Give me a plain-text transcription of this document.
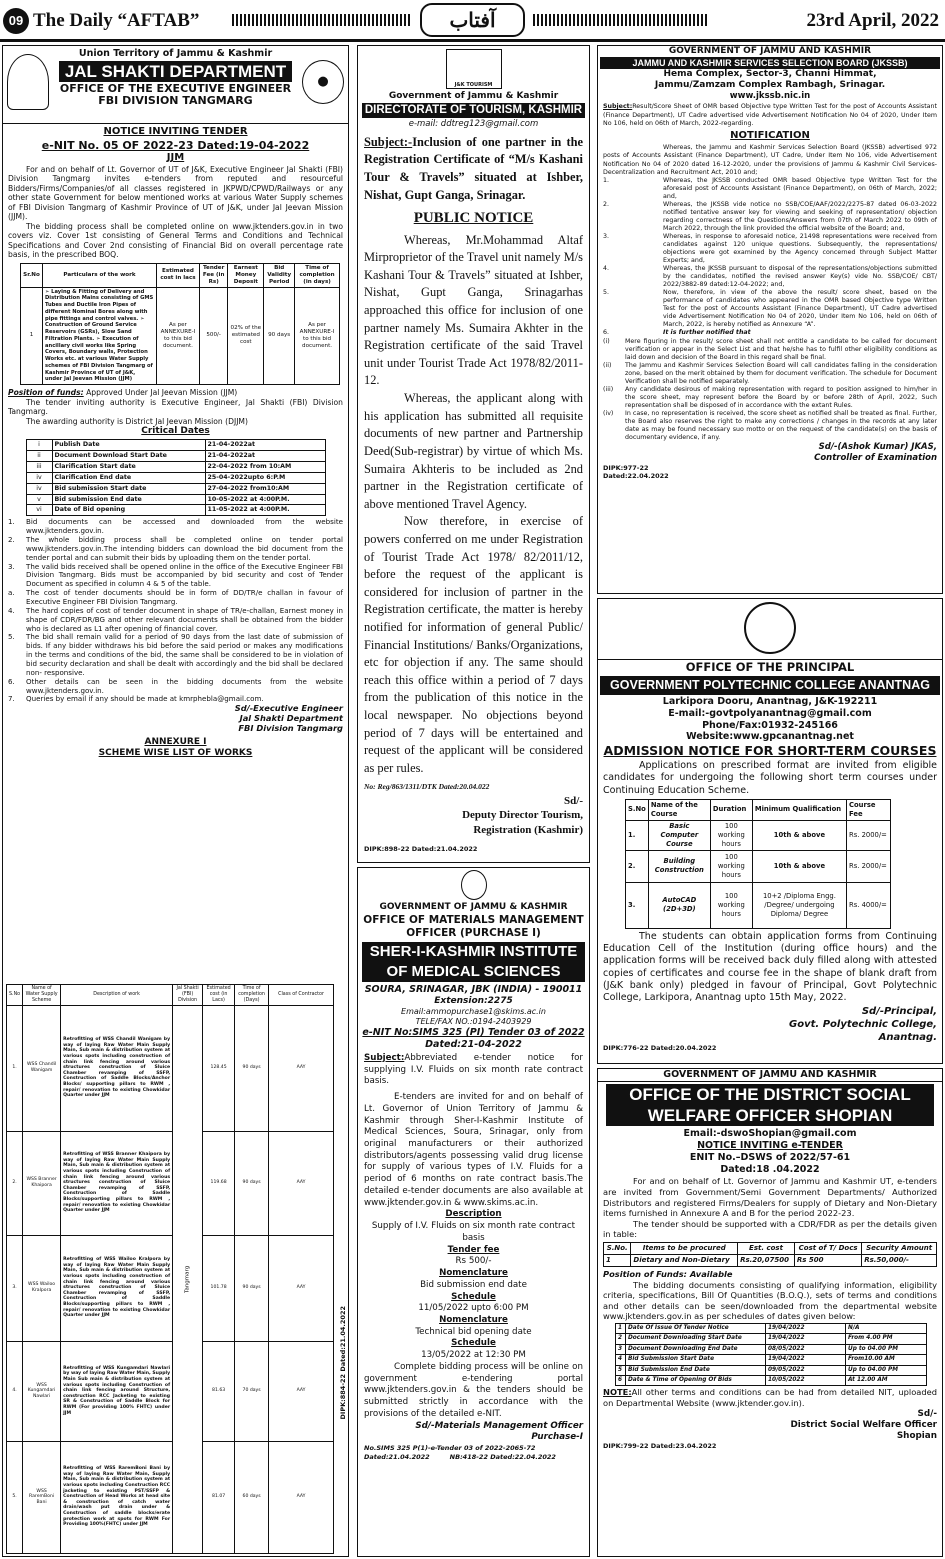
09 The Daily “AFTAB”	آفتاب	23rd April, 2022
●
Union Territory of Jammu & Kashmir
JAL SHAKTI DEPARTMENT
OFFICE OF THE EXECUTIVE ENGINEER
FBI DIVISION TANGMARG
NOTICE INVITING TENDER
e-NIT No. 05 OF 2022-23 Dated:19-04-2022
JJM

For and on behalf of Lt. Governor of UT of J&K, Executive Engineer Jal Shakti (FBI) Division Tangmarg invites e-tenders from reputed and resourceful Bidders/Firms/Companies/of all classes registered in JKPWD/CPWD/Railways or any other state Government for below mentioned works at various Water Supply schemes of FBI Division Tangmarg of Kashmir Province of UT of J&K, under Jal Jeevan Mission (JJM).

The bidding process shall be completed online on www.jktenders.gov.in in two covers viz. Cover 1st consisting of General Terms and Conditions and Technical Specifications and Cover 2nd consisting of Financial Bid on overall percentage rate basis, in the prescribed BOQ.

Sr.No	Particulars of the work	Estimated cost in lacs	Tender Fee (in Rs)	Earnest Money Deposit	Bid Validity Period	Time of completion (in days)
1	➢ Laying & Fitting of Delivery and Distribution Mains consisting of GMS Tubes and Ductile Iron Pipes of different Nominal Bores along with pipe fittings and control valves. ➢ Construction of Ground Service Reservoirs (GSRs), Slow Sand Filtration Plants. ➢ Execution of ancillary civil works like Spring Covers, Boundary walls, Protection Works etc. at various Water Supply schemes of FBI Division Tangmarg of Kashmir Province of UT of J&K, under Jal Jeevan Mission (JJM)	As per ANNEXURE-I to this bid document.	500/-	02% of the estimated cost	90 days	As per ANNEXURE-I to this bid document.

Position of funds: Approved Under Jal Jeevan Mission (JJM)

The tender inviting authority is Executive Engineer, Jal Shakti (FBI) Division Tangmarg.

The awarding authority is District Jal Jeevan Mission (DJJM)

Critical Dates
i	Publish Date	21-04-2022at
ii	Document Download Start Date	21-04-2022at
iii	Clarification Start date	22-04-2022 from 10:AM
iv	Clarification End date	25-04-2022upto 6:P.M
iv	Bid submission Start date	27-04-2022 from10:AM
v	Bid submission End date	10-05-2022 at 4:00P.M.
vi	Date of Bid opening	11-05-2022 at 4:00P.M.
1.	Bid documents can be accessed and downloaded from the website www.jktenders.gov.in.

2.	The whole bidding process shall be completed online on tender portal www.jktenders.gov.in.The intending bidders can download the bid document from the tender portal and can submit their bids by uploading them on the tender portal.

3.	The valid bids received shall be opened online in the office of the Executive Engineer FBI Division Tangmarg. Bids must be accompanied by bid security and cost of Tender Document as specified in column 4 & 5 of the table.

a.	The cost of tender documents should be in form of DD/TR/e challan in favour of Executive Engineer FBI Division Tangmarg.

4.	The hard copies of cost of tender document in shape of TR/e-challan, Earnest money in shape of CDR/FDR/BG and other relevant documents shall be obtained from the bidder who is declared as L1 after opening of financial cover.

5.	The bid shall remain valid for a period of 90 days from the last date of submission of bids. If any bidder withdraws his bid before the said period or makes any modifications in the terms and conditions of the bid, the same shall be considered to be in violation of bid security declaration and shall be dealt with accordingly and the bid shall be declared non- responsive.

6.	Other details can be seen in the bidding documents from the website www.jktenders.gov.in.

7.	Queries by email if any should be made at kmrphebla@gmail.com.

Sd/-Executive Engineer
Jal Shakti Department
FBI Division Tangmarg
ANNEXURE I
SCHEME WISE LIST OF WORKS
S.No	Name of Water Supply Scheme	Description of work	Jal Shakti (FBI) Division	Estimated cost (in Lacs)	Time of completion (Days)	Class of Contractor
1.	WSS Chandil Wanigam	Retrofitting of WSS Chandil Wanigam by way of laying Raw Water Main Supply Main, Sub main & distribution system at various spots including construction of chain link fencing around various structures construction of Sluice Chamber revamping of SSFP, Construction of Saddle Blocks/Anchor Blocks/ supporting pillars to RWM , repair/ renovation to existing Chowkidar Quarter under JJM	Tangmarg	128.45	90 days	AAY
2.	WSS Branner Khaipora	Retrofitting of WSS Branner Khaipora by way of laying Raw Water Main Supply Main, Sub main & distribution system at various spots including Construction of chain link fencing around various structures construction of Sluice Chamber revamping of SSFP, Construction of Saddle Blocks/supporting pillars to RWM , repair/ renovation to existing Chowkidar Quarter under JJM		119.68	90 days	AAY
3.	WSS Wailoo Kralpora	Retrofitting of WSS Wailoo Kralpora by way of laying Raw Water Main Supply Main, Sub main & distribution system at various spots including construction of chain link fencing around various structures construction of Sluice Chamber revamping of SSFP, Construction of Saddle Blocks/supporting pillars to RWM , repair/ renovation to existing Chowkidar Quarter under JJM		101.78	90 days	AAY
4.	WSS Kungamdari Nawlari	Retrofitting of WSS Kungamdari Nawlari by way of laying Raw Water Main, Supply Main Sub main & distribution system at various spots including Construction of chain link fencing around Structure, construction RCC Jacketing to existing SR & Construction of Saddle Block for RWM (For providing 100% FHTC) under JJM		81.63	70 days	AAY
5.	WSS RaremBoni Bani	Retrofitting of WSS RaremBoni Bani by way of laying Raw Water Main, Supply Main, Sub main & distribution system at various spots including Construction RCC jacketing to existing PST/SSFP & Construction of Head Works at head site & construction of catch water drain/wash put drain under & Construction of saddle blocks/erate protection work at spots for RWM For Providing 100%(FHTC) under JJM		81.07	60 days	AAY
DIPK:884-22 Dated:21.04.2022
J&K TOURISM
Government of Jammu & Kashmir
DIRECTORATE OF TOURISM, KASHMIR
e-mail: ddtreg123@gmail.com

Subject:-Inclusion of one partner in the Registration Certificate of “M/s Kashani Tour & Travels” situated at Ishber, Nishat, Gupt Ganga, Srinagar.

PUBLIC NOTICE

Whereas, Mr.Mohammad Altaf Mirproprietor of the Travel unit namely M/s Kashani Tour & Travels” situated at Ishber, Nishat, Gupt Ganga, Srinagarhas approached this office for inclusion of one partner namely Ms. Sumaira Akhter in the Registration certificate of the said Travel unit under Tourist Trade Act 1978/82/2011-12.

Whereas, the applicant along with his application has submitted all requisite documents of new partner and Partnership Deed(Sub-registrar) by virtue of which Ms. Sumaira Akhteris to be included as 2nd partner in the Registration certificate of above mentioned Travel Agency.

Now therefore, in exercise of powers conferred on me under Registration of Tourist Trade Act 1978/ 82/2011/12, before the request of the applicant is considered for inclusion of partner in the Registration certificate, the matter is hereby notified for information of general Public/ Financial Institutions/ Banks/Organizations, etc for objection if any. The same should reach this office within a period of 7 days from the publication of this notice in the local newspaper. No objections beyond period of 7 days will be entertained and request of the applicant will be considered as per rules.

No: Reg/863/1311/DTK Dated:20.04.022
Sd/-
Deputy Director Tourism,
Registration (Kashmir)
DIPK:898-22 Dated:21.04.2022
GOVERNMENT OF JAMMU & KASHMIR
OFFICE OF MATERIALS MANAGEMENT OFFICER (PURCHASE I)
SHER-I-KASHMIR INSTITUTE OF MEDICAL SCIENCES
SOURA, SRINAGAR, JBK (INDIA) - 190011
Extension:2275
Email:ammopurchase1@skims.ac.in
TELE/FAX NO.:0194-2403929
e-NIT No:SIMS 325 (PI) Tender 03 of 2022
Dated:21-04-2022

Subject:Abbreviated e-tender notice for supplying I.V. Fluids on six month rate contract basis.

E-tenders are invited for and on behalf of Lt. Governor of Union Territory of Jammu & Kashmir through Sher-I-Kashmir Institute of Medical Sciences, Soura, Srinagar, only from original manufacturers or their authorized distributors/agents possessing valid drug license for supply of various types of I.V. Fluids for a period of 6 months on rate contract basis.The detailed e-tender documents are also available at www.jktender.gov.in & www.skims.ac.in.

Description
Supply of I.V. Fluids on six month rate contract basis
Tender fee
Rs 500/-
Nomenclature
Bid submission end date
Schedule
11/05/2022 upto 6:00 PM
Nomenclature
Technical bid opening date
Schedule
13/05/2022 at 12:30 PM

Complete bidding process will be online on government e-tendering portal www.jktenders.gov.in & the tenders should be submitted strictly in accordance with the provisions of the detailed e-NIT.

Sd/-Materials Management Officer
Purchase-I
No.SIMS 325 P(1)-e-Tender 03 of 2022-2065-72
Dated:21.04.2022	NB:418-22 Dated:22.04.2022
GOVERNMENT OF JAMMU AND KASHMIR
JAMMU AND KASHMIR SERVICES SELECTION BOARD (JKSSB)
Hema Complex, Sector-3, Channi Himmat, Jammu/Zamzam Complex Rambagh, Srinagar.
www.jkssb.nic.in

Subject:Result/Score Sheet of OMR based Objective type Written Test for the post of Accounts Assistant (Finance Department), UT Cadre advertised vide Advertisement Notification No 04 of 2020, Under Item No 106, held on 06th of March, 2022-regarding.

NOTIFICATION

Whereas, the Jammu and Kashmir Services Selection Board (JKSSB) advertised 972 posts of Accounts Assistant (Finance Department), UT Cadre, Under Item No 106, vide Advertisement Notification No 04 of 2020 dated 16-12-2020, under the provisions of Jammu & Kashmir Civil Services-Decentralization and Recruitment Act, 2010 and;

1.	Whereas, the JKSSB conducted OMR based Objective type Written Test for the aforesaid post of Accounts Assistant (Finance Department), on 06th of March, 2022; and,

2.	Whereas, the JKSSB vide notice no SSB/COE/AAF/2022/2275-87 dated 06-03-2022 notified tentative answer key for viewing and seeking of representation/ objection regarding correctness of the Questions/Answers from 07th of March 2022 to 09th of March 2022, through the link provided the official website of the Board; and,

3.	Whereas, in response to aforesaid notice, 21498 representations were received from candidates against 120 unique questions. Subsequently, the representations/ objections were got examined by the Agency concerned through Subject Matter Experts; and,

4.	Whereas, the JKSSB pursuant to disposal of the representations/objections submitted by the candidates, notified the revised answer Key(s) vide No. SSB/COE/ CBT/ 2022/3882-89 dated:12-04-2022; and,

5.	Now, therefore, in view of the above the result/ score sheet, based on the performance of candidates who appeared in the OMR based Objective type Written Test for the post of Accounts Assistant (Finance Department), UT Cadre advertised vide Advertisement Notification No 04 of 2020, Under Item No 106, held on 06th of March, 2022, is hereby notified as Annexure “A”.

6.	It is further notified that
(i)	Mere figuring in the result/ score sheet shall not entitle a candidate to be called for document verification or appear in the Select List and that he/she has to fulfil other eligibility conditions as laid down and decision of the Board in this regard shall be final.

(ii)	The Jammu and Kashmir Services Selection Board will call candidates falling in the consideration zone, based on the merit obtained by them for document verification. The schedule for Document Verification shall be notified separately.

(iii)	Any candidate desirous of making representation with regard to position assigned to him/her in the score sheet, may represent before the Board by or before 28th of April, 2022, Such representation shall be disposed of in accordance with the extant Rules.

(iv)	In case, no representation is received, the score sheet as notified shall be treated as final. Further, the Board also reserves the right to make any corrections / changes in the records at any later date as may be found necessary suo motto or on the request of the candidate(s) on the basis of documentary evidence, if any.

Sd/-(Ashok Kumar) JKAS,
Controller of Examination
DIPK:977-22
Dated:22.04.2022
OFFICE OF THE PRINCIPAL
GOVERNMENT POLYTECHNIC COLLEGE ANANTNAG
Larkipora Dooru, Anantnag, J&K-192211
E-mail:-govtpolyanantnag@gmail.com
Phone/Fax:01932-245166
Website:www.gpcanantnag.net
ADMISSION NOTICE FOR SHORT-TERM COURSES

Applications on prescribed format are invited from eligible candidates for undergoing the following short term courses under Continuing Education Scheme.

S.No	Name of the Course	Duration	Minimum Qualification	Course Fee
1.	Basic Computer Course	100 working hours	10th & above	Rs. 2000/=
2.	Building Construction	100 working hours	10th & above	Rs. 2000/=
3.	AutoCAD (2D+3D)	100 working hours	10+2 /Diploma Engg. /Degree/ undergoing Diploma/ Degree	Rs. 4000/=

The students can obtain application forms from Continuing Education Cell of the Institution (during office hours) and the application forms will be received back duly filled along with attested copies of certificates and course fee in the shape of blank draft from (J&K bank only) pledged in favour of Principal, Govt Polytechnic College, Larkipora, Anantnag upto 15th May, 2022.

Sd/-Principal,
Govt. Polytechnic College,
Anantnag.
DIPK:776-22 Dated:20.04.2022
GOVERNMENT OF JAMMU AND KASHMIR
OFFICE OF THE DISTRICT SOCIAL WELFARE OFFICER SHOPIAN
Email:-dswoShopian@gmail.com
NOTICE INVITING e-TENDER
ENIT No.–DSWS of 2022/57-61
Dated:18 .04.2022

For and on behalf of Lt. Governor of Jammu and Kashmir UT, e-tenders are invited from Government/Semi Government Departments/ Authorized Distributors and registered Firms/Dealers for supply of Dietary and Non-Dietary items furnished in Annexure A and B for the period 2022-23.

The tender should be supported with a CDR/FDR as per the details given in table:

S.No.	Items to be procured	Est. cost	Cost of T/ Docs	Security Amount
1	Dietary and Non-Dietary	Rs.20,07500	Rs 500	Rs.50,000/-
Position of Funds: Available

The bidding documents consisting of qualifying information, eligibility criteria, specifications, Bill Of Quantities (B.O.Q.), sets of terms and conditions and other details can be seen/downloaded from the departmental website www.jktenders.gov.in as per schedules of dates given below:

1	Date Of Issue Of Tender Notice	19/04/2022	N/A
2	Document Downloading Start Date	19/04/2022	From 4.00 PM
3	Document Downloading End Date	08/05/2022	Up to 04.00 PM
4	Bid Submission Start Date	19/04/2022	From10.00 AM
5	Bid Submission End Date	09/05/2022	Up to 04.00 PM
6	Date & Time of Opening Of Bids	10/05/2022	At 12.00 AM

NOTE:All other terms and conditions can be had from detailed NIT, uploaded on Departmental Website (www.jktender.gov.in).

Sd/-
District Social Welfare Officer
Shopian
DIPK:799-22 Dated:23.04.2022
